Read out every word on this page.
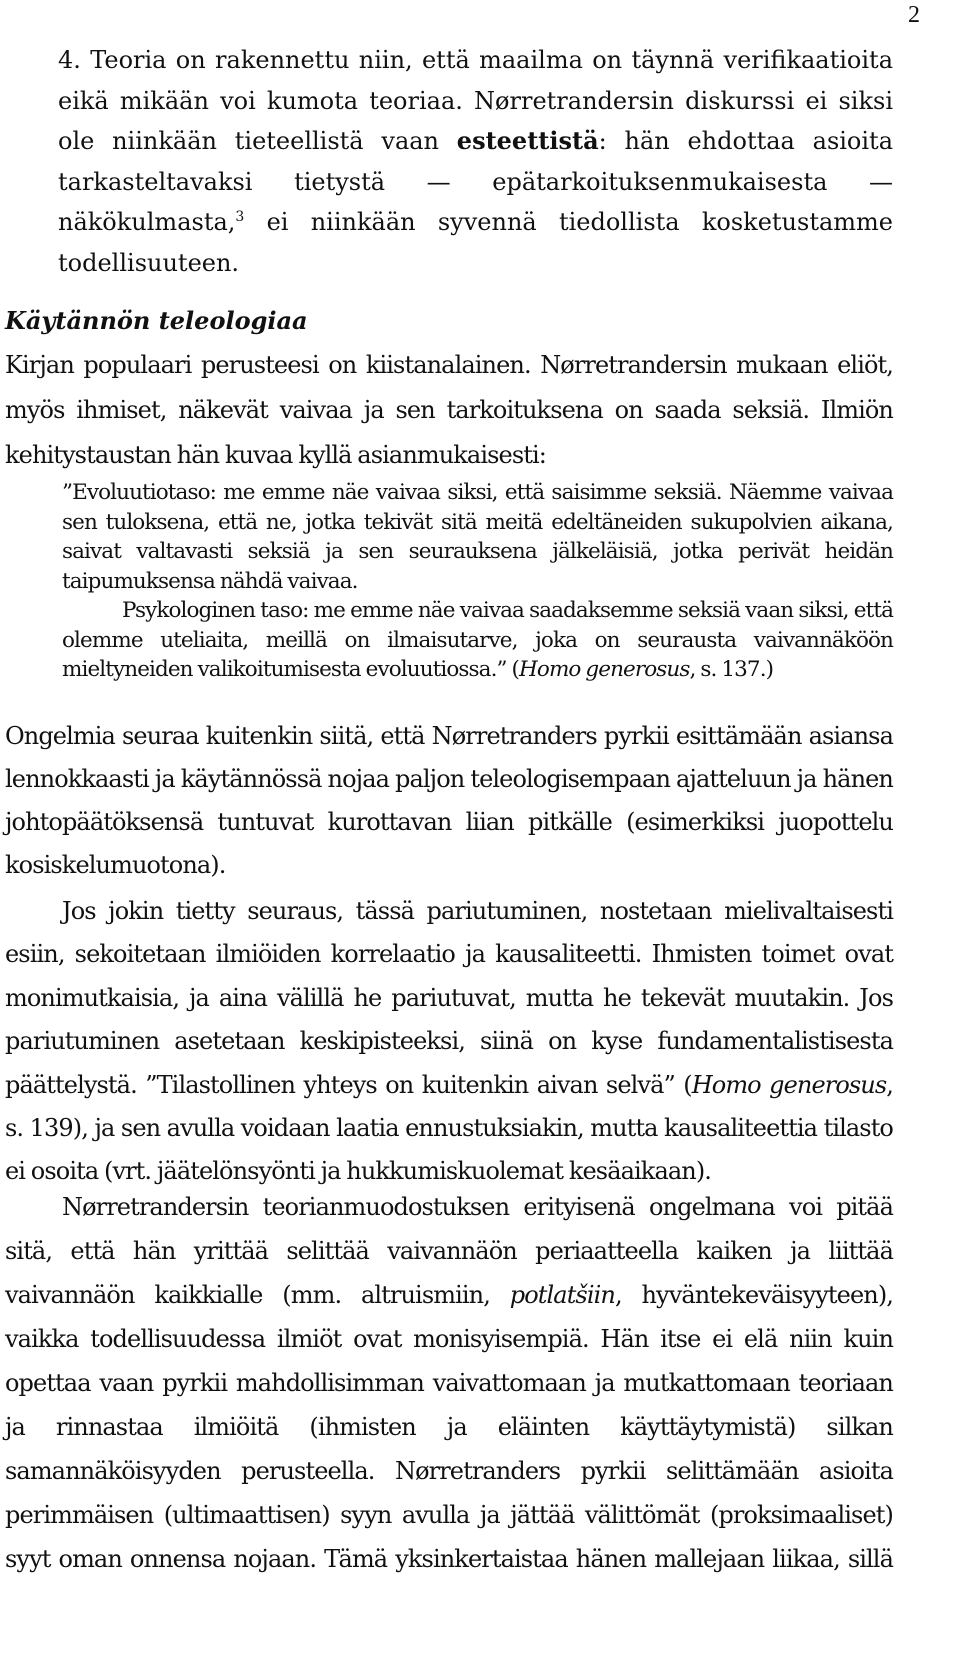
2

4. Teoria on rakennettu niin, että maailma on täynnä verifikaatioita eikä mikään voi kumota teoriaa. Nørretrandersin diskurssi ei siksi ole niinkään tieteellistä vaan esteettistä: hän ehdottaa asioita tarkasteltavaksi tietystä — epätarkoituksenmukaisesta — näkökulmasta,$^3$ ei niinkään syvennä tiedollista kosketustamme todellisuuteen.

Käytännön teleologiaa

Kirjan populaari perusteesi on kiistanalainen. Nørretrandersin mukaan eliöt, myös ihmiset, näkevät vaivaa ja sen tarkoituksena on saada seksiä. Ilmiön kehitystaustan hän kuvaa kyllä asianmukaisesti:

”Evoluutiotaso: me emme näe vaivaa siksi, että saisimme seksiä. Näemme vaivaa sen tuloksena, että ne, jotka tekivät sitä meitä edeltäneiden sukupolvien aikana, saivat valtavasti seksiä ja sen seurauksena jälkeläisiä, jotka perivät heidän taipumuksensa nähdä vaivaa.
Psykologinen taso: me emme näe vaivaa saadaksemme seksiä vaan siksi, että olemme uteliaita, meillä on ilmaisutarve, joka on seurausta vaivannäköön mieltyneiden valikoitumisesta evoluutiossa.” (Homo generosus, s. 137.)

Ongelmia seuraa kuitenkin siitä, että Nørretranders pyrkii esittämään asiansa lennokkaasti ja käytännössä nojaa paljon teleologisempaan ajatteluun ja hänen johtopäätöksensä tuntuvat kurottavan liian pitkälle (esimerkiksi juopottelu kosiskelumuotona).

Jos jokin tietty seuraus, tässä pariutuminen, nostetaan mielivaltaisesti esiin, sekoitetaan ilmiöiden korrelaatio ja kausaliteetti. Ihmisten toimet ovat monimutkaisia, ja aina välillä he pariutuvat, mutta he tekevät muutakin. Jos pariutuminen asetetaan keskipisteeksi, siinä on kyse fundamentalistisesta päättelystä. ”Tilastollinen yhteys on kuitenkin aivan selvä” (Homo generosus, s. 139), ja sen avulla voidaan laatia ennustuksiakin, mutta kausaliteettia tilasto ei osoita (vrt. jäätelönsyönti ja hukkumiskuolemat kesäaikaan).

Nørretrandersin teorianmuodostuksen erityisenä ongelmana voi pitää sitä, että hän yrittää selittää vaivannäön periaatteella kaiken ja liittää vaivannäön kaikkialle (mm. altruismiin, potlatšiin, hyväntekeväisyyteen), vaikka todellisuudessa ilmiöt ovat monisyisempiä. Hän itse ei elä niin kuin opettaa vaan pyrkii mahdollisimman vaivattomaan ja mutkattomaan teoriaan ja rinnastaa ilmiöitä (ihmisten ja eläinten käyttäytymistä) silkan samannäköisyyden perusteella. Nørretranders pyrkii selittämään asioita perimmäisen (ultimaattisen) syyn avulla ja jättää välittömät (proksimaaliset) syyt oman onnensa nojaan. Tämä yksinkertaistaa hänen mallejaan liikaa, sillä
